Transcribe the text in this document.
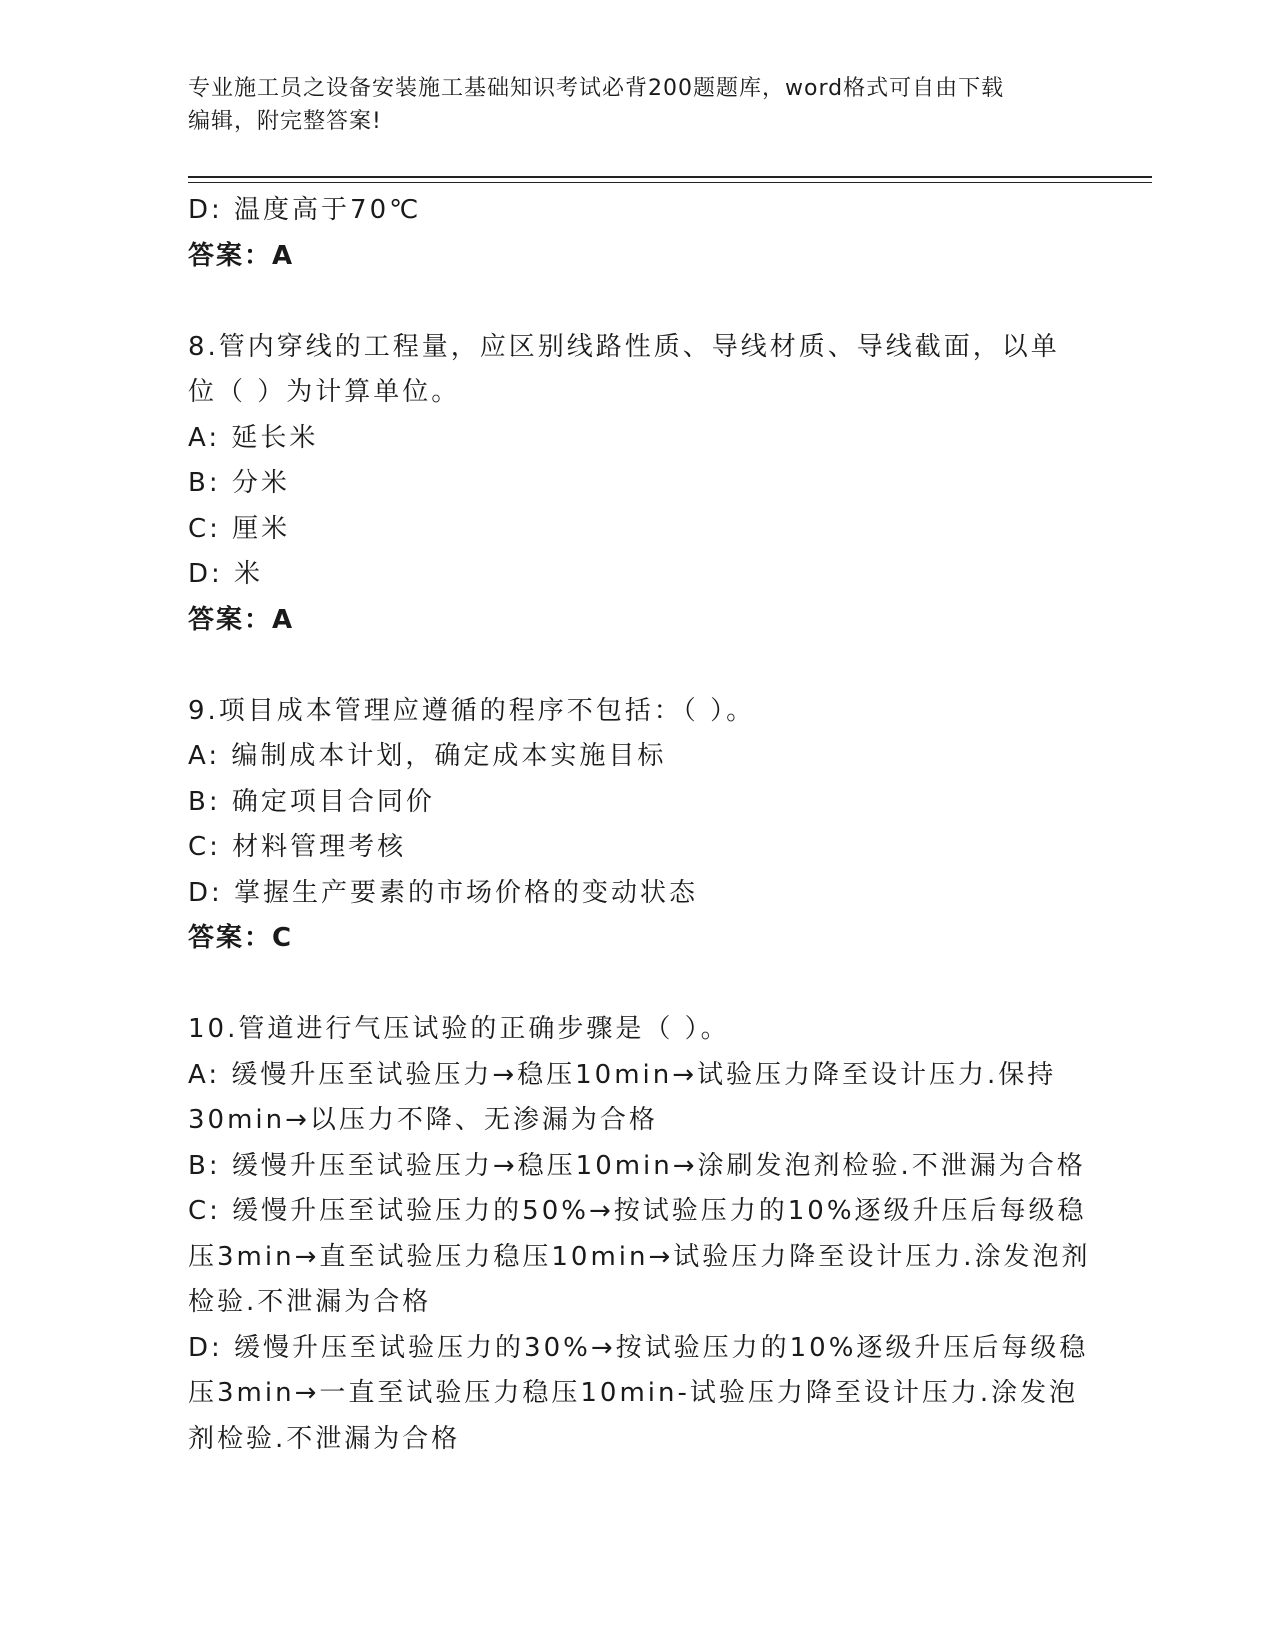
专业施工员之设备安装施工基础知识考试必背200题题库，word格式可自由下载
编辑，附完整答案!
D: 温度高于70℃
答案：A
8.管内穿线的工程量，应区别线路性质、导线材质、导线截面，以单
位（ ）为计算单位。
A: 延长米
B: 分米
C: 厘米
D: 米
答案：A
9.项目成本管理应遵循的程序不包括：（ ）。
A: 编制成本计划，确定成本实施目标
B: 确定项目合同价
C: 材料管理考核
D: 掌握生产要素的市场价格的变动状态
答案：C
10.管道进行气压试验的正确步骤是（ ）。
A: 缓慢升压至试验压力→稳压10min→试验压力降至设计压力.保持
30min→以压力不降、无渗漏为合格
B: 缓慢升压至试验压力→稳压10min→涂刷发泡剂检验.不泄漏为合格
C: 缓慢升压至试验压力的50%→按试验压力的10%逐级升压后每级稳
压3min→直至试验压力稳压10min→试验压力降至设计压力.涂发泡剂
检验.不泄漏为合格
D: 缓慢升压至试验压力的30%→按试验压力的10%逐级升压后每级稳
压3min→一直至试验压力稳压10min-试验压力降至设计压力.涂发泡
剂检验.不泄漏为合格
